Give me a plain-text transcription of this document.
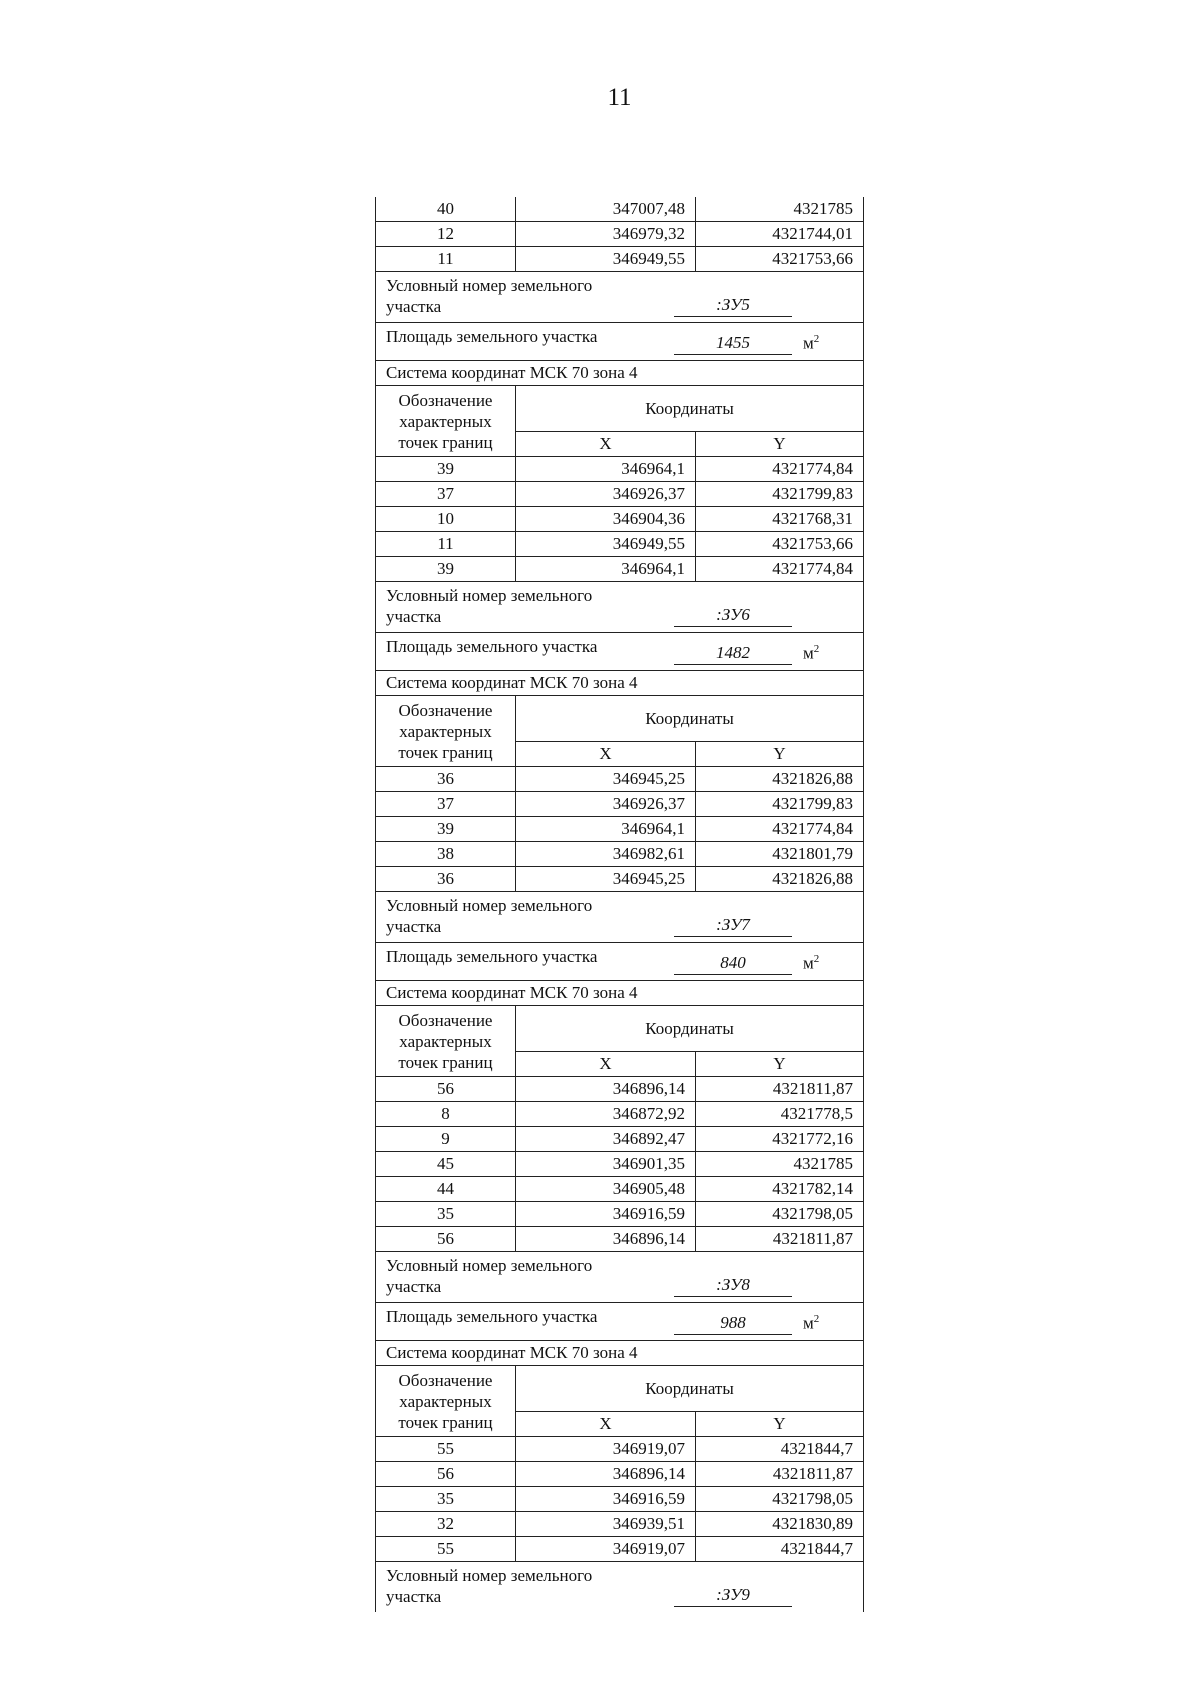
11
40	347007,48	4321785
12	346979,32	4321744,01
11	346949,55	4321753,66

Условный номер земельного участка :ЗУ5		

Площадь земельного участка 1455 $м^2$

Система координат МСК 70 зона 4		
Обозначение характерных точек границ	Координаты	
	X	Y
39	346964,1	4321774,84
37	346926,37	4321799,83
10	346904,36	4321768,31
11	346949,55	4321753,66
39	346964,1	4321774,84

Условный номер земельного участка :ЗУ6		

Площадь земельного участка 1482 $м^2$

Система координат МСК 70 зона 4		
Обозначение характерных точек границ	Координаты	
	X	Y
36	346945,25	4321826,88
37	346926,37	4321799,83
39	346964,1	4321774,84
38	346982,61	4321801,79
36	346945,25	4321826,88

Условный номер земельного участка :ЗУ7		

Площадь земельного участка 840 $м^2$

Система координат МСК 70 зона 4		
Обозначение характерных точек границ	Координаты	
	X	Y
56	346896,14	4321811,87
8	346872,92	4321778,5
9	346892,47	4321772,16
45	346901,35	4321785
44	346905,48	4321782,14
35	346916,59	4321798,05
56	346896,14	4321811,87

Условный номер земельного участка :ЗУ8		

Площадь земельного участка 988 $м^2$

Система координат МСК 70 зона 4		
Обозначение характерных точек границ	Координаты	
	X	Y
55	346919,07	4321844,7
56	346896,14	4321811,87
35	346916,59	4321798,05
32	346939,51	4321830,89
55	346919,07	4321844,7

Условный номер земельного участка :ЗУ9		
